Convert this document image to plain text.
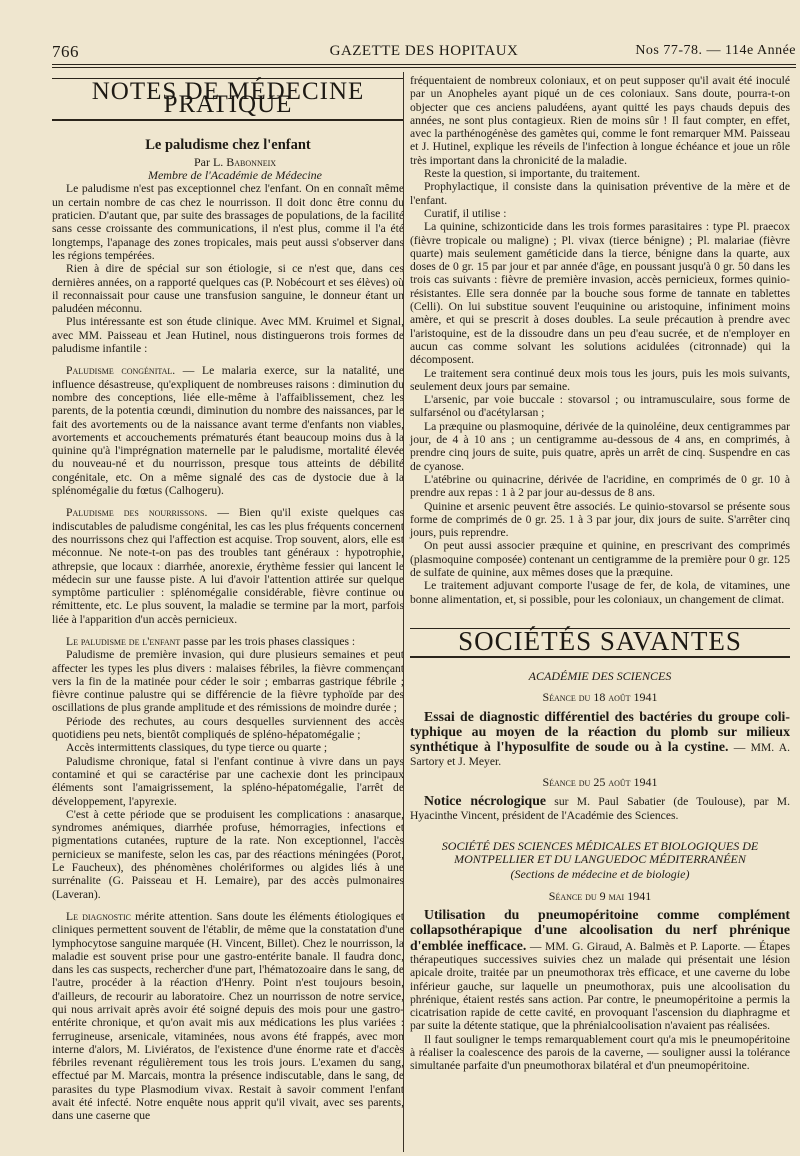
766	GAZETTE DES HOPITAUX	Nos 77-78. — 114e Année
NOTES DE MÉDECINE PRATIQUE
Le paludisme chez l'enfant

Par L. Babonneix

Membre de l'Académie de Médecine

Le paludisme n'est pas exceptionnel chez l'enfant. On en connaît même un certain nombre de cas chez le nourrisson. Il doit donc être connu du praticien. D'autant que, par suite des brassages de populations, de la facilité sans cesse croissante des communications, il n'est plus, comme il l'a été longtemps, l'apanage des zones tropicales, mais peut aussi s'observer dans les régions tempérées.

Rien à dire de spécial sur son étiologie, si ce n'est que, dans ces dernières années, on a rapporté quelques cas (P. Nobécourt et ses élèves) où il reconnaissait pour cause une transfusion sanguine, le donneur étant un paludéen méconnu.

Plus intéressante est son étude clinique. Avec MM. Kruimel et Signal, avec MM. Paisseau et Jean Hutinel, nous distinguerons trois formes de paludisme infantile :

Paludisme congénital. — Le malaria exerce, sur la natalité, une influence désastreuse, qu'expliquent de nombreuses raisons : diminution du nombre des conceptions, liée elle-même à l'affaiblissement, chez les parents, de la potentia cœundi, diminution du nombre des naissances, par le fait des avortements ou de la naissance avant terme d'enfants non viables, avortements et accouchements prématurés étant beaucoup moins dus à la quinine qu'à l'imprégnation maternelle par le paludisme, mortalité élevée du nouveau-né et du nourrisson, presque tous atteints de débilité congénitale, etc. On a même signalé des cas de dystocie due à la splénomégalie du fœtus (Calhogeru).

Paludisme des nourrissons. — Bien qu'il existe quelques cas indiscutables de paludisme congénital, les cas les plus fréquents concernent des nourrissons chez qui l'affection est acquise. Trop souvent, alors, elle est méconnue. Ne note-t-on pas des troubles tant généraux : hypotrophie, athrepsie, que locaux : diarrhée, anorexie, érythème fessier qui lancent le médecin sur une fausse piste. A lui d'avoir l'attention attirée sur quelque symptôme particulier : splénomégalie considérable, fièvre continue ou rémittente, etc. Le plus souvent, la maladie se termine par la mort, parfois liée à l'apparition d'un accès pernicieux.

Le paludisme de l'enfant passe par les trois phases classiques :

Paludisme de première invasion, qui dure plusieurs semaines et peut affecter les types les plus divers : malaises fébriles, la fièvre commençant vers la fin de la matinée pour céder le soir ; embarras gastrique fébrile ; fièvre continue palustre qui se différencie de la fièvre typhoïde par des oscillations de plus grande amplitude et des rémissions de moindre durée ;

Période des rechutes, au cours desquelles surviennent des accès quotidiens peu nets, bientôt compliqués de spléno-hépatomégalie ;

Accès intermittents classiques, du type tierce ou quarte ;

Paludisme chronique, fatal si l'enfant continue à vivre dans un pays contaminé et qui se caractérise par une cachexie dont les principaux éléments sont l'amaigrissement, la spléno-hépatomégalie, l'arrêt de développement, l'apyrexie.

C'est à cette période que se produisent les complications : anasarque, syndromes anémiques, diarrhée profuse, hémorragies, infections et pigmentations cutanées, rupture de la rate. Non exceptionnel, l'accès pernicieux se manifeste, selon les cas, par des réactions méningées (Porot, Le Faucheux), des phénomènes cholériformes ou algides liés à une surrénalite (G. Paisseau et H. Lemaire), par des accès pulmonaires (Laveran).

Le diagnostic mérite attention. Sans doute les éléments étiologiques et cliniques permettent souvent de l'établir, de même que la constatation d'une lymphocytose sanguine marquée (H. Vincent, Billet). Chez le nourrisson, la maladie est souvent prise pour une gastro-entérite banale. Il faudra donc, dans les cas suspects, rechercher d'une part, l'hématozoaire dans le sang, de l'autre, procéder à la réaction d'Henry. Point n'est toujours besoin, d'ailleurs, de recourir au laboratoire. Chez un nourrisson de notre service, qui nous arrivait après avoir été soigné depuis des mois pour une gastro-entérite chronique, et qu'on avait mis aux médications les plus variées : ferrugineuse, arsenicale, vitaminées, nous avons été frappés, avec mon interne d'alors, M. Liviératos, de l'existence d'une énorme rate et d'accès fébriles revenant régulièrement tous les trois jours. L'examen du sang, effectué par M. Marcais, montra la présence indiscutable, dans le sang, de parasites du type Plasmodium vivax. Restait à savoir comment l'enfant avait été infecté. Notre enquête nous apprit qu'il vivait, avec ses parents, dans une caserne que

fréquentaient de nombreux coloniaux, et on peut supposer qu'il avait été inoculé par un Anopheles ayant piqué un de ces coloniaux. Sans doute, pourra-t-on objecter que ces anciens paludéens, ayant quitté les pays chauds depuis des années, ne sont plus contagieux. Rien de moins sûr ! Il faut compter, en effet, avec la parthénogénèse des gamètes qui, comme le font remarquer MM. Paisseau et J. Hutinel, explique les réveils de l'infection à longue échéance et joue un rôle très important dans la chronicité de la maladie.

Reste la question, si importante, du traitement.

Prophylactique, il consiste dans la quinisation préventive de la mère et de l'enfant.

Curatif, il utilise :

La quinine, schizonticide dans les trois formes parasitaires : type Pl. praecox (fièvre tropicale ou maligne) ; Pl. vivax (tierce bénigne) ; Pl. malariae (fièvre quarte) mais seulement gaméticide dans la tierce, bénigne dans la quarte, aux doses de 0 gr. 15 par jour et par année d'âge, en poussant jusqu'à 0 gr. 50 dans les trois cas suivants : fièvre de première invasion, accès pernicieux, formes quinio-résistantes. Elle sera donnée par la bouche sous forme de tannate en tablettes (Celli). On lui substitue souvent l'euquinine ou aristoquine, infiniment moins amère, et qui se prescrit à doses doubles. La seule précaution à prendre avec l'aristoquine, est de la dissoudre dans un peu d'eau sucrée, et de n'employer en aucun cas comme solvant les solutions acidulées (citronnade) qui la décomposent.

Le traitement sera continué deux mois tous les jours, puis les mois suivants, seulement deux jours par semaine.

L'arsenic, par voie buccale : stovarsol ; ou intramusculaire, sous forme de sulfarsénol ou d'acétylarsan ;

La præquine ou plasmoquine, dérivée de la quinoléine, deux centigrammes par jour, de 4 à 10 ans ; un centigramme au-dessous de 4 ans, en comprimés, à prendre cinq jours de suite, puis quatre, après un arrêt de cinq. Suspendre en cas de cyanose.

L'atébrine ou quinacrine, dérivée de l'acridine, en comprimés de 0 gr. 10 à prendre aux repas : 1 à 2 par jour au-dessus de 8 ans.

Quinine et arsenic peuvent être associés. Le quinio-stovarsol se présente sous forme de comprimés de 0 gr. 25. 1 à 3 par jour, dix jours de suite. S'arrêter cinq jours, puis reprendre.

On peut aussi associer præquine et quinine, en prescrivant des comprimés (plasmoquine composée) contenant un centigramme de la première pour 0 gr. 125 de sulfate de quinine, aux mêmes doses que la præquine.

Le traitement adjuvant comporte l'usage de fer, de kola, de vitamines, une bonne alimentation, et, si possible, pour les coloniaux, un changement de climat.

SOCIÉTÉS SAVANTES
ACADÉMIE DES SCIENCES
Séance du 18 août 1941

Essai de diagnostic différentiel des bactéries du groupe coli-typhique au moyen de la réaction du plomb sur milieux synthétique à l'hyposulfite de soude ou à la cystine. — MM. A. Sartory et J. Meyer.

Séance du 25 août 1941

Notice nécrologique sur M. Paul Sabatier (de Toulouse), par M. Hyacinthe Vincent, président de l'Académie des Sciences.

SOCIÉTÉ DES SCIENCES MÉDICALES ET BIOLOGIQUES DE MONTPELLIER ET DU LANGUEDOC MÉDITERRANÉEN
(Sections de médecine et de biologie)
Séance du 9 mai 1941

Utilisation du pneumopéritoine comme complément collapsothérapique d'une alcoolisation du nerf phrénique d'emblée inefficace. — MM. G. Giraud, A. Balmès et P. Laporte. — Étapes thérapeutiques successives suivies chez un malade qui présentait une lésion apicale droite, traitée par un pneumothorax très efficace, et une caverne du lobe inférieur gauche, sur laquelle un pneumothorax, puis une alcoolisation du phrénique, étaient restés sans action. Par contre, le pneumopéritoine a permis la cicatrisation rapide de cette cavité, en provoquant l'ascension du diaphragme et par suite la détente statique, que la phrénialcoolisation n'avaient pas réalisées.

Il faut souligner le temps remarquablement court qu'a mis le pneumopéritoine à réaliser la coalescence des parois de la caverne, — souligner aussi la tolérance simultanée parfaite d'un pneumothorax bilatéral et d'un pneumopéritoine.
